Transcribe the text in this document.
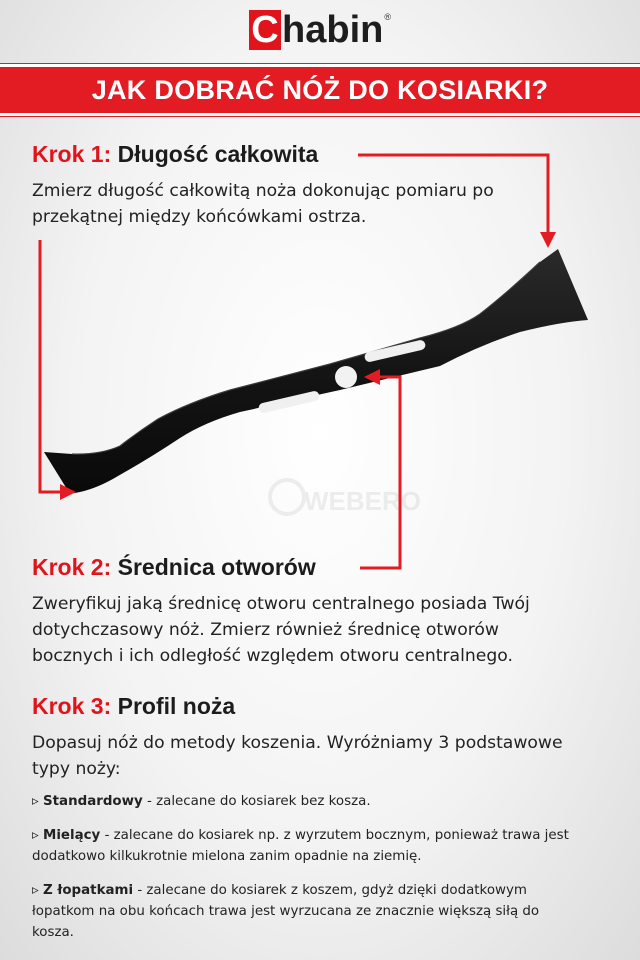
C habin ®
JAK DOBRAĆ NÓŻ DO KOSIARKI?
WEBERO
Krok 1: Długość całkowita
Zmierz długość całkowitą noża dokonując pomiaru po
przekątnej między końcówkami ostrza.
Krok 2: Średnica otworów
Zweryfikuj jaką średnicę otworu centralnego posiada Twój
dotychczasowy nóż. Zmierz również średnicę otworów
bocznych i ich odległość względem otworu centralnego.
Krok 3: Profil noża
Dopasuj nóż do metody koszenia. Wyróżniamy 3 podstawowe
typy noży:
▹ Standardowy - zalecane do kosiarek bez kosza.
▹ Mielący - zalecane do kosiarek np. z wyrzutem bocznym, ponieważ trawa jest
dodatkowo kilkukrotnie mielona zanim opadnie na ziemię.
▹ Z łopatkami - zalecane do kosiarek z koszem, gdyż dzięki dodatkowym
łopatkom na obu końcach trawa jest wyrzucana ze znacznie większą siłą do
kosza.
